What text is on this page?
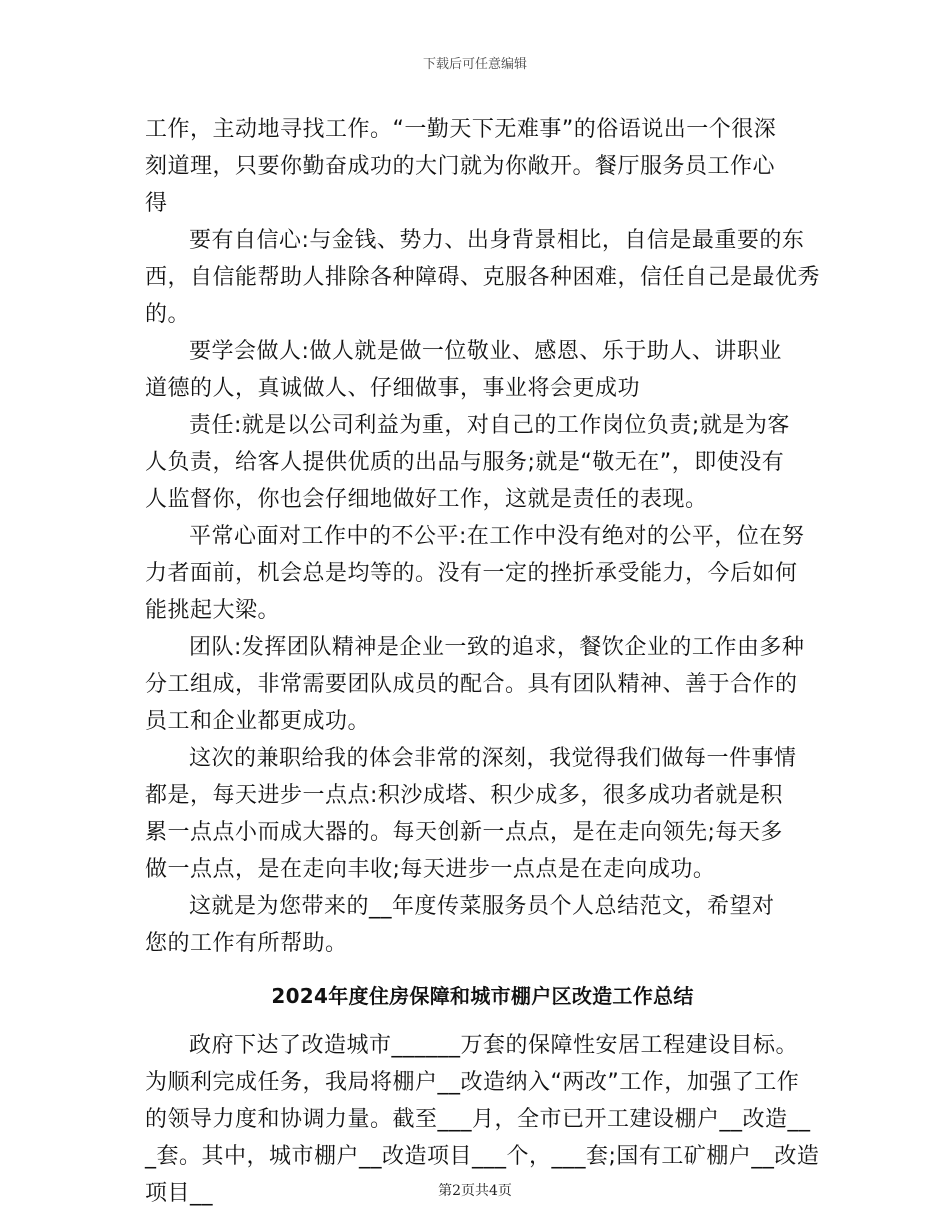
下载后可任意编辑

工作，主动地寻找工作。“一勤天下无难事”的俗语说出一个很深刻道理，只要你勤奋成功的大门就为你敞开。餐厅服务员工作心得

要有自信心:与金钱、势力、出身背景相比，自信是最重要的东西，自信能帮助人排除各种障碍、克服各种困难，信任自己是最优秀的。

要学会做人:做人就是做一位敬业、感恩、乐于助人、讲职业道德的人，真诚做人、仔细做事，事业将会更成功

责任:就是以公司利益为重，对自己的工作岗位负责;就是为客人负责，给客人提供优质的出品与服务;就是“敬无在”，即使没有人监督你，你也会仔细地做好工作，这就是责任的表现。

平常心面对工作中的不公平:在工作中没有绝对的公平，位在努力者面前，机会总是均等的。没有一定的挫折承受能力，今后如何能挑起大梁。

团队:发挥团队精神是企业一致的追求，餐饮企业的工作由多种分工组成，非常需要团队成员的配合。具有团队精神、善于合作的员工和企业都更成功。

这次的兼职给我的体会非常的深刻，我觉得我们做每一件事情都是，每天进步一点点:积沙成塔、积少成多，很多成功者就是积累一点点小而成大器的。每天创新一点点，是在走向领先;每天多做一点点，是在走向丰收;每天进步一点点是在走向成功。

这就是为您带来的__年度传菜服务员个人总结范文，希望对您的工作有所帮助。

2024年度住房保障和城市棚户区改造工作总结

政府下达了改造城市______万套的保障性安居工程建设目标。为顺利完成任务，我局将棚户__改造纳入“两改”工作，加强了工作的领导力度和协调力量。截至___月，全市已开工建设棚户__改造___套。其中，城市棚户__改造项目___个，___套;国有工矿棚户__改造项目__	第2页共4页
